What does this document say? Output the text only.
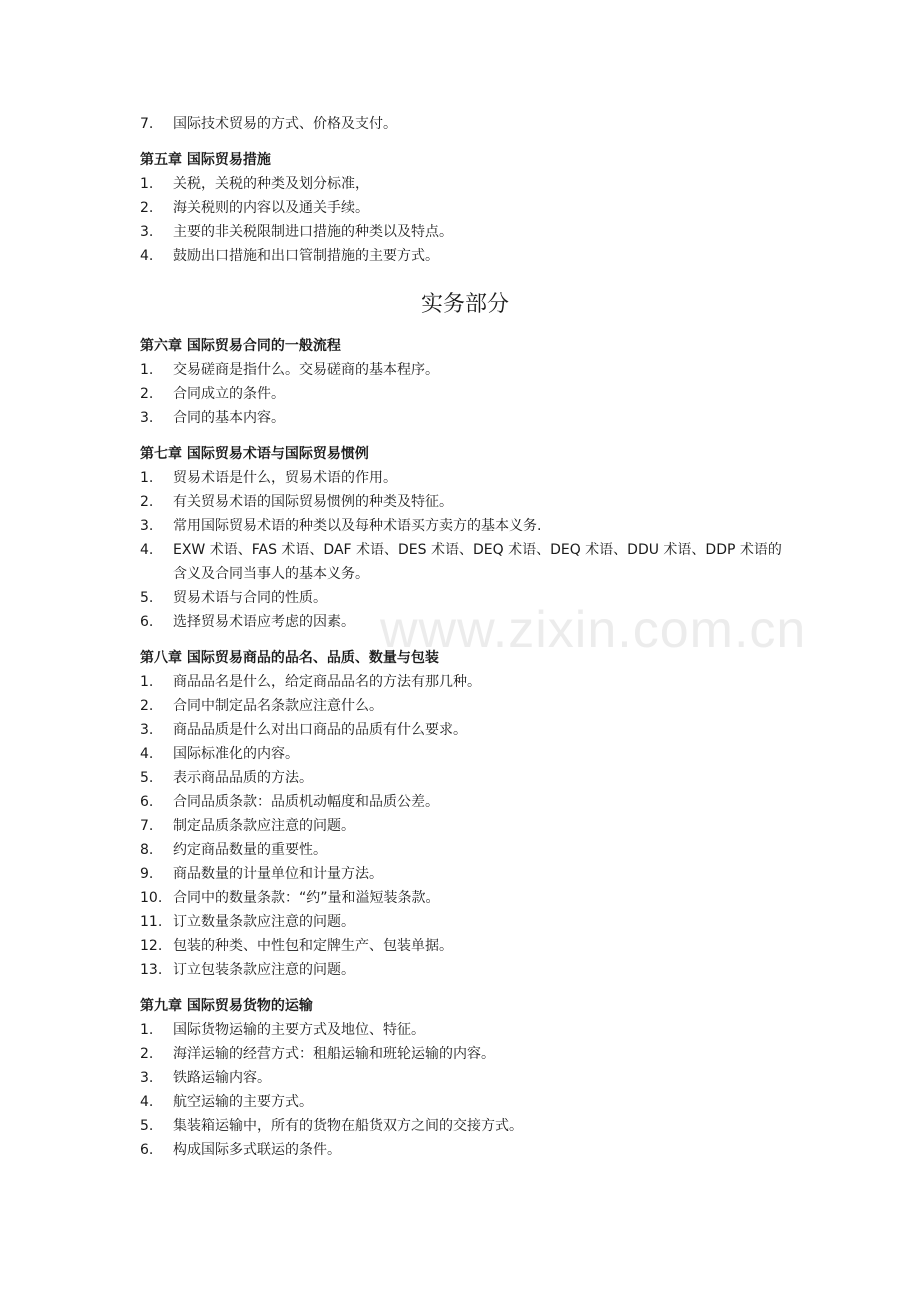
7.	国际技术贸易的方式、价格及支付。

第五章 国际贸易措施

1.	关税，关税的种类及划分标准，
2.	海关税则的内容以及通关手续。
3.	主要的非关税限制进口措施的种类以及特点。
4.	鼓励出口措施和出口管制措施的主要方式。

实务部分

第六章 国际贸易合同的一般流程

1.	交易磋商是指什么。交易磋商的基本程序。
2.	合同成立的条件。
3.	合同的基本内容。

第七章 国际贸易术语与国际贸易惯例

1.	贸易术语是什么，贸易术语的作用。
2.	有关贸易术语的国际贸易惯例的种类及特征。
3.	常用国际贸易术语的种类以及每种术语买方卖方的基本义务.
4.	EXW 术语、FAS 术语、DAF 术语、DES 术语、DEQ 术语、DEQ 术语、DDU 术语、DDP 术语的含义及合同当事人的基本义务。
5.	贸易术语与合同的性质。
6.	选择贸易术语应考虑的因素。

第八章 国际贸易商品的品名、品质、数量与包装

1.	商品品名是什么，给定商品品名的方法有那几种。
2.	合同中制定品名条款应注意什么。
3.	商品品质是什么对出口商品的品质有什么要求。
4.	国际标准化的内容。
5.	表示商品品质的方法。
6.	合同品质条款：品质机动幅度和品质公差。
7.	制定品质条款应注意的问题。
8.	约定商品数量的重要性。
9.	商品数量的计量单位和计量方法。
10. 合同中的数量条款：“约”量和溢短装条款。
11. 订立数量条款应注意的问题。
12. 包装的种类、中性包和定牌生产、包装单据。
13. 订立包装条款应注意的问题。

第九章 国际贸易货物的运输

1.	国际货物运输的主要方式及地位、特征。
2.	海洋运输的经营方式：租船运输和班轮运输的内容。
3.	铁路运输内容。
4.	航空运输的主要方式。
5.	集装箱运输中，所有的货物在船货双方之间的交接方式。
6.	构成国际多式联运的条件。
www.zixin.com.cn
